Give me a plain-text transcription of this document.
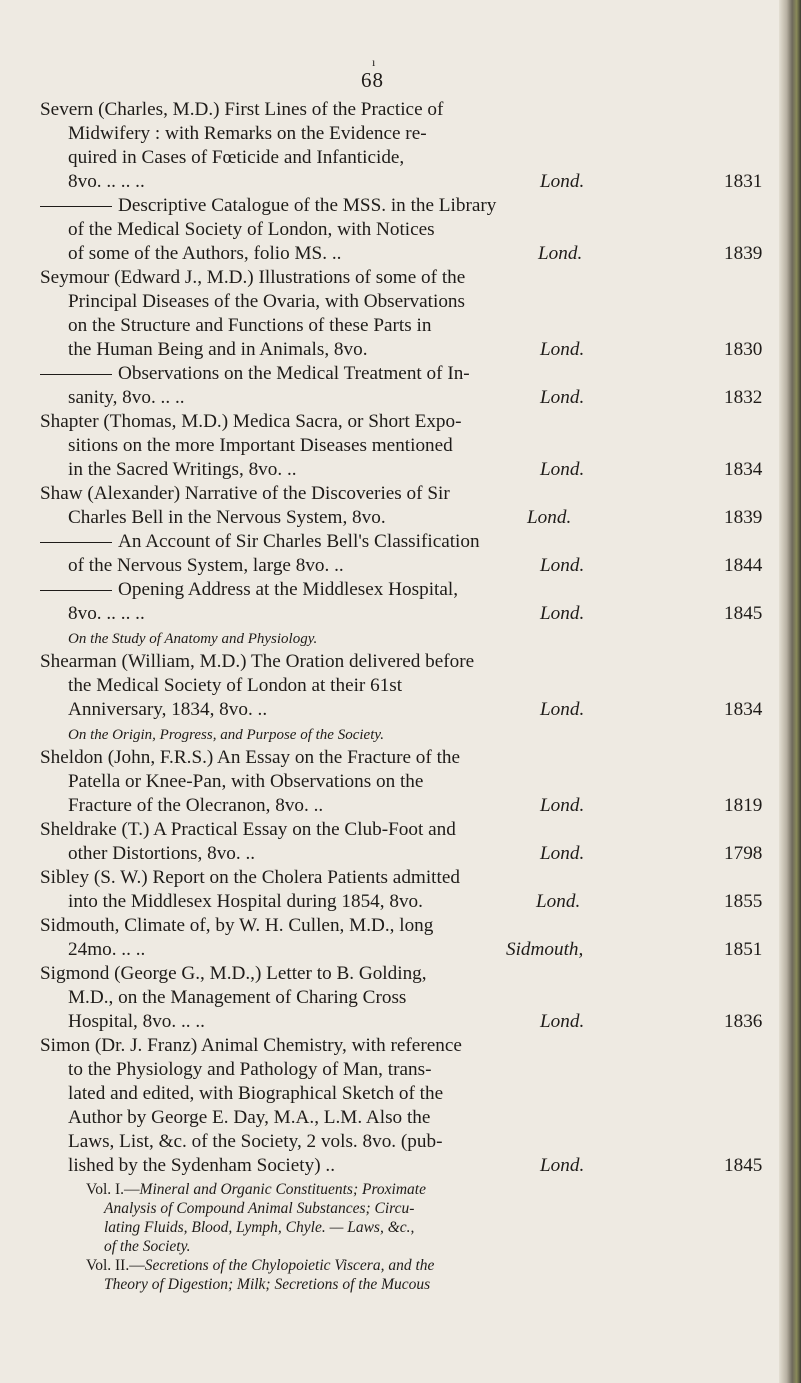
ı
68
Severn (Charles, M.D.) First Lines of the Practice of
Midwifery : with Remarks on the Evidence re-
quired in Cases of Fœticide and Infanticide,
8vo. .. .. ..	Lond.	1831
Descriptive Catalogue of the MSS. in the Library
of the Medical Society of London, with Notices
of some of the Authors, folio MS. ..	Lond.	1839
Seymour (Edward J., M.D.) Illustrations of some of the
Principal Diseases of the Ovaria, with Observations
on the Structure and Functions of these Parts in
the Human Being and in Animals, 8vo.	Lond.	1830
Observations on the Medical Treatment of In-
sanity, 8vo. .. ..	Lond.	1832
Shapter (Thomas, M.D.) Medica Sacra, or Short Expo-
sitions on the more Important Diseases mentioned
in the Sacred Writings, 8vo. ..	Lond.	1834
Shaw (Alexander) Narrative of the Discoveries of Sir
Charles Bell in the Nervous System, 8vo.	Lond.	1839
An Account of Sir Charles Bell's Classification
of the Nervous System, large 8vo. ..	Lond.	1844
Opening Address at the Middlesex Hospital,
8vo. .. .. ..	Lond.	1845
Shearman (William, M.D.) The Oration delivered before
the Medical Society of London at their 61st
Anniversary, 1834, 8vo. ..	Lond.	1834
Sheldon (John, F.R.S.) An Essay on the Fracture of the
Patella or Knee-Pan, with Observations on the
Fracture of the Olecranon, 8vo. ..	Lond.	1819
Sheldrake (T.) A Practical Essay on the Club-Foot and
other Distortions, 8vo. ..	Lond.	1798
Sibley (S. W.) Report on the Cholera Patients admitted
into the Middlesex Hospital during 1854, 8vo.	Lond.	1855
Sidmouth, Climate of, by W. H. Cullen, M.D., long
24mo. .. ..	Sidmouth,	1851
Sigmond (George G., M.D.,) Letter to B. Golding,
M.D., on the Management of Charing Cross
Hospital, 8vo. .. ..	Lond.	1836
Simon (Dr. J. Franz) Animal Chemistry, with reference
to the Physiology and Pathology of Man, trans-
lated and edited, with Biographical Sketch of the
Author by George E. Day, M.A., L.M. Also the
Laws, List, &c. of the Society, 2 vols. 8vo. (pub-
lished by the Sydenham Society) ..	Lond.	1845
On the Study of Anatomy and Physiology.
On the Origin, Progress, and Purpose of the Society.
Vol. I.—Mineral and Organic Constituents; Proximate
Analysis of Compound Animal Substances; Circu-
lating Fluids, Blood, Lymph, Chyle. — Laws, &c.,
of the Society.
Vol. II.—Secretions of the Chylopoietic Viscera, and the
Theory of Digestion; Milk; Secretions of the Mucous
